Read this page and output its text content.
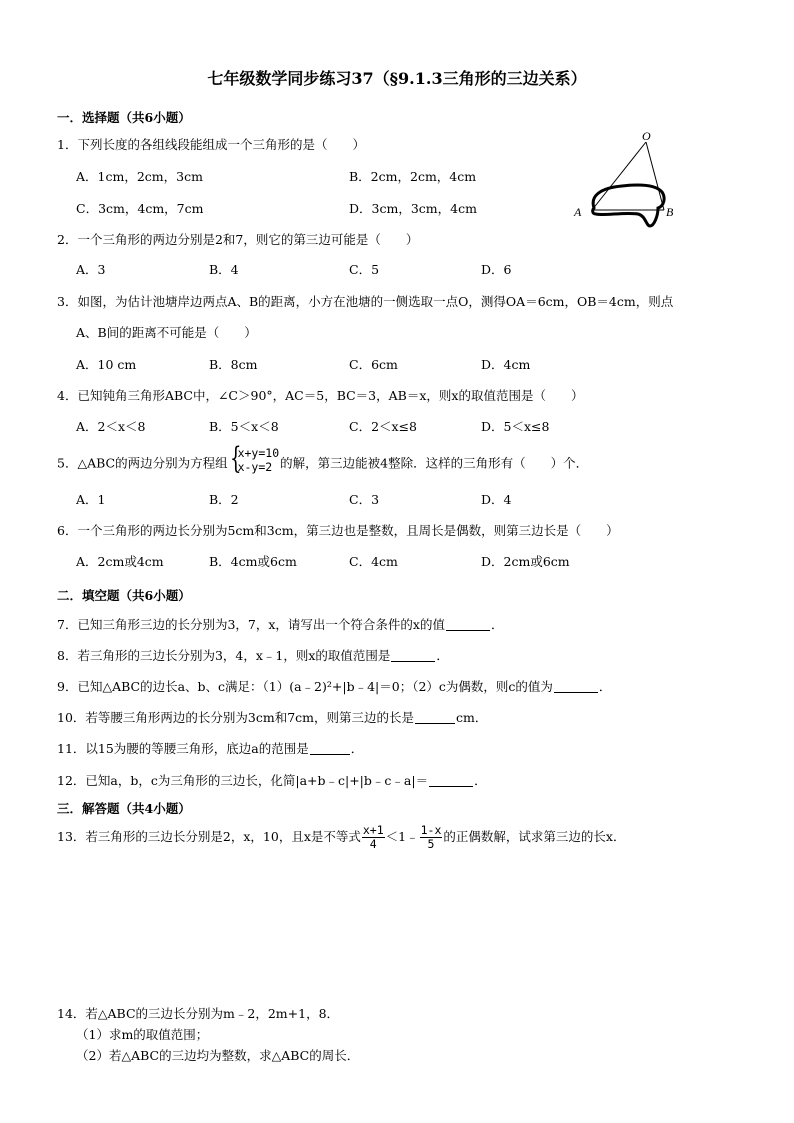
七年级数学同步练习37（§9.1.3三角形的三边关系）
一．选择题（共6小题）
1．下列长度的各组线段能组成一个三角形的是（　　）
A．1cm，2cm，3cm	B．2cm，2cm，4cm
C．3cm，4cm，7cm	D．3cm，3cm，4cm
O
A	B
2．一个三角形的两边分别是2和7，则它的第三边可能是（　　）
A．3	B．4	C．5	D．6
3．如图，为估计池塘岸边两点A、B的距离，小方在池塘的一侧选取一点O，测得OA＝6cm，OB＝4cm，则点
A、B间的距离不可能是（　　）
A．10 cm	B．8cm	C．6cm	D．4cm
4．已知钝角三角形ABC中，∠C＞90°，AC＝5，BC＝3，AB＝x，则x的取值范围是（　　）
A．2＜x＜8	B．5＜x＜8	C．2＜x≤8	D．5＜x≤8
5．△ABC的两边分别为方程组 {
x+y=10
x-y=2 的解，第三边能被4整除．这样的三角形有（　　）个．
A．1	B．2	C．3	D．4
6．一个三角形的两边长分别为5cm和3cm，第三边也是整数，且周长是偶数，则第三边长是（　　）
A．2cm或4cm	B．4cm或6cm	C．4cm	D．2cm或6cm
二．填空题（共6小题）
7．已知三角形三边的长分别为3，7，x，请写出一个符合条件的x的值	．
8．若三角形的三边长分别为3，4，x﹣1，则x的取值范围是	．
9．已知△ABC的边长a、b、c满足：（1）(a﹣2)²+|b﹣4|＝0；（2）c为偶数，则c的值为	．
10．若等腰三角形两边的长分别为3cm和7cm，则第三边的长是	cm．
11．以15为腰的等腰三角形，底边a的范围是	．
12．已知a，b，c为三角形的三边长，化简|a+b﹣c|+|b﹣c﹣a|＝	．
三．解答题（共4小题）
13．若三角形的三边长分别是2，x，10，且x是不等式 $\frac{x+1}{4}$ ＜1﹣ $\frac{1-x}{5}$ 的正偶数解，试求第三边的长x．
14．若△ABC的三边长分别为m﹣2，2m+1，8．
（1）求m的取值范围；
（2）若△ABC的三边均为整数，求△ABC的周长．
